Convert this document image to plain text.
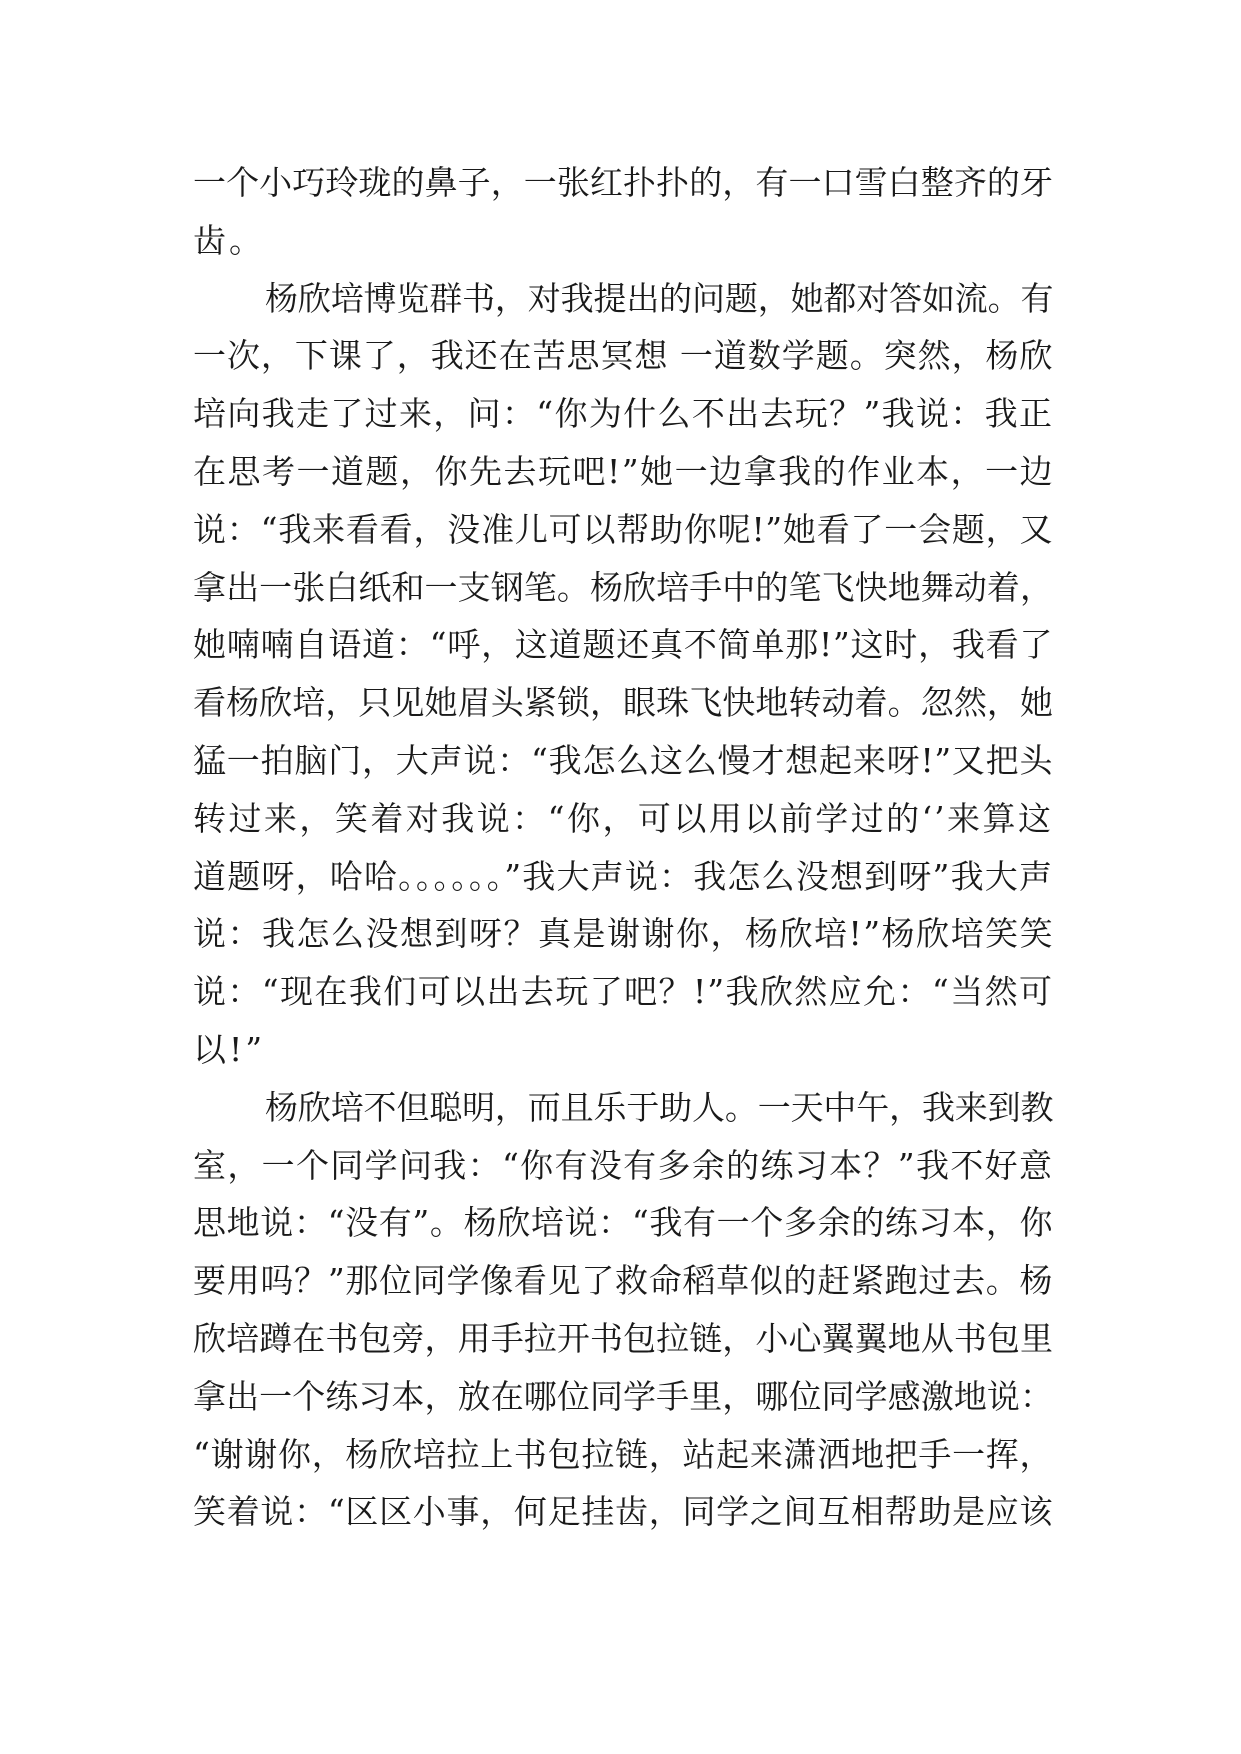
一个小巧玲珑的鼻子，一张红扑扑的，有一口雪白整齐的牙
齿。
杨欣培博览群书，对我提出的问题，她都对答如流。有
一次，下课了，我还在苦思冥想 一道数学题。突然，杨欣
培向我走了过来，问：“你为什么不出去玩？”我说：我正
在思考一道题，你先去玩吧!”她一边拿我的作业本，一边
说：“我来看看，没准儿可以帮助你呢!”她看了一会题，又
拿出一张白纸和一支钢笔。杨欣培手中的笔飞快地舞动着，
她喃喃自语道：“呼，这道题还真不简单那!”这时，我看了
看杨欣培，只见她眉头紧锁，眼珠飞快地转动着。忽然，她
猛一拍脑门，大声说：“我怎么这么慢才想起来呀!”又把头
转过来，笑着对我说：“你，可以用以前学过的‘’来算这
道题呀，哈哈。。。。。。”我大声说：我怎么没想到呀”我大声
说：我怎么没想到呀？真是谢谢你，杨欣培!”杨欣培笑笑
说：“现在我们可以出去玩了吧？!”我欣然应允：“当然可
以!”
杨欣培不但聪明，而且乐于助人。一天中午，我来到教
室，一个同学问我：“你有没有多余的练习本？”我不好意
思地说：“没有”。杨欣培说：“我有一个多余的练习本，你
要用吗？”那位同学像看见了救命稻草似的赶紧跑过去。杨
欣培蹲在书包旁，用手拉开书包拉链，小心翼翼地从书包里
拿出一个练习本，放在哪位同学手里，哪位同学感激地说：
“谢谢你，杨欣培拉上书包拉链，站起来潇洒地把手一挥，
笑着说：“区区小事，何足挂齿，同学之间互相帮助是应该
